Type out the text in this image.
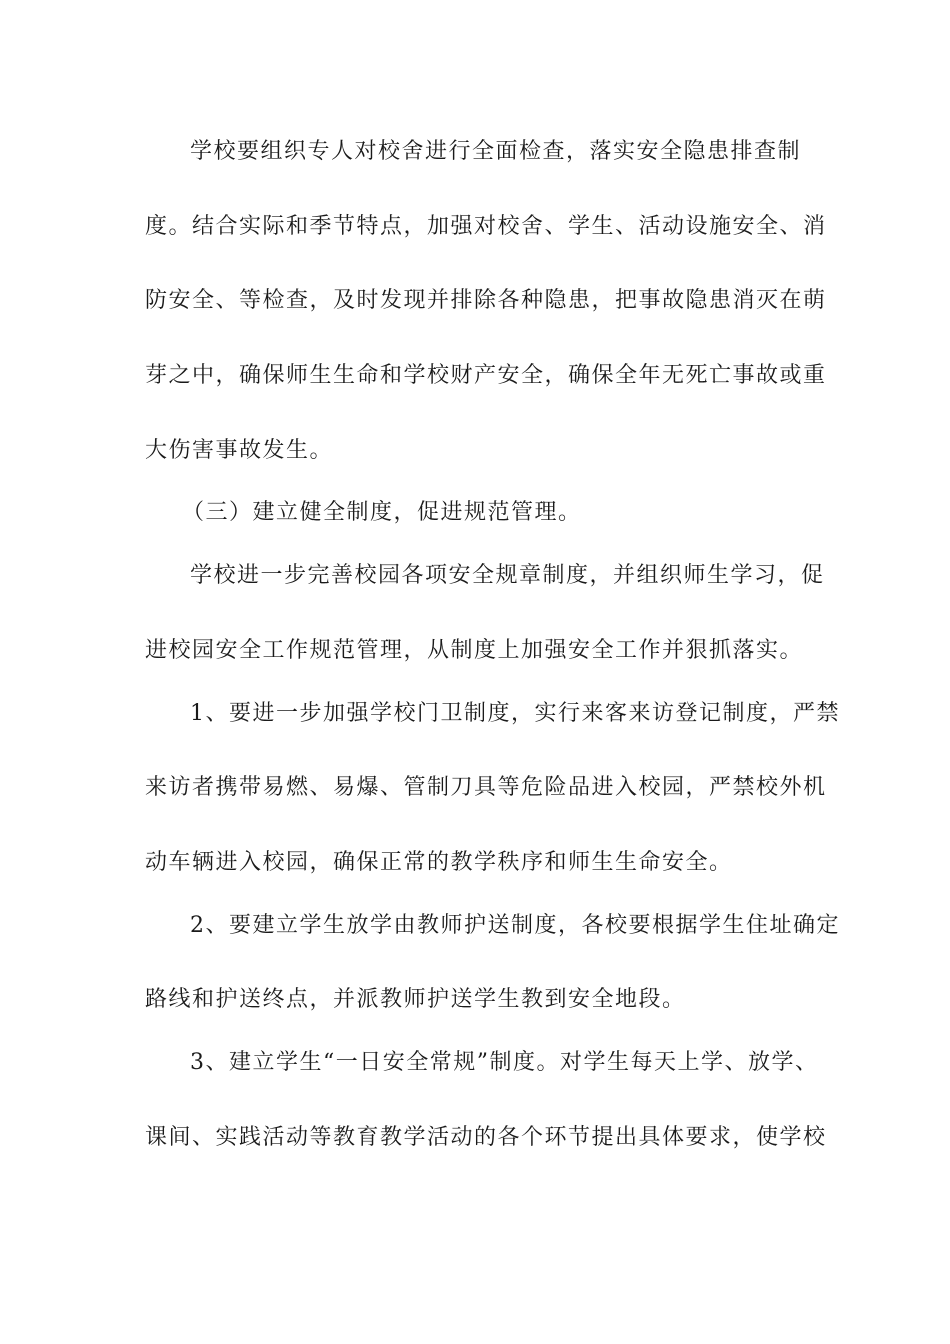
学校要组织专人对校舍进行全面检查，落实安全隐患排查制
度。结合实际和季节特点，加强对校舍、学生、活动设施安全、消
防安全、等检查，及时发现并排除各种隐患，把事故隐患消灭在萌
芽之中，确保师生生命和学校财产安全，确保全年无死亡事故或重
大伤害事故发生。
（三）建立健全制度，促进规范管理。
学校进一步完善校园各项安全规章制度，并组织师生学习，促
进校园安全工作规范管理，从制度上加强安全工作并狠抓落实。
1、要进一步加强学校门卫制度，实行来客来访登记制度，严禁
来访者携带易燃、易爆、管制刀具等危险品进入校园，严禁校外机
动车辆进入校园，确保正常的教学秩序和师生生命安全。
2、要建立学生放学由教师护送制度，各校要根据学生住址确定
路线和护送终点，并派教师护送学生教到安全地段。
3、建立学生“一日安全常规”制度。对学生每天上学、放学、
课间、实践活动等教育教学活动的各个环节提出具体要求，使学校
